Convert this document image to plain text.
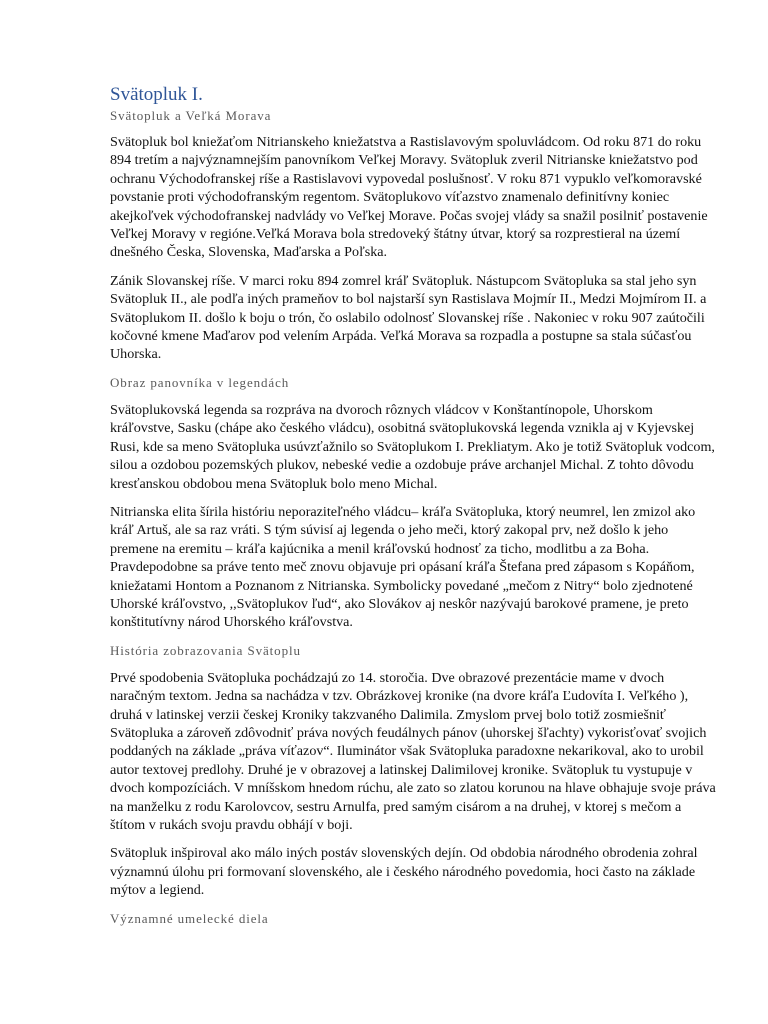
Svätopluk I.
Svätopluk a Veľká Morava

Svätopluk bol kniežaťom Nitrianskeho kniežatstva a Rastislavovým spoluvládcom. Od roku 871 do roku 894 tretím a najvýznamnejším panovníkom Veľkej Moravy. Svätopluk zveril Nitrianske kniežatstvo pod ochranu Východofranskej ríše a Rastislavovi vypovedal poslušnosť. V roku 871 vypuklo veľkomoravské povstanie proti východofranským regentom. Svätoplukovo víťazstvo znamenalo definitívny koniec akejkoľvek východofranskej nadvlády vo Veľkej Morave. Počas svojej vlády sa snažil posilniť postavenie Veľkej Moravy v regióne.Veľká Morava bola stredoveký štátny útvar, ktorý sa rozprestieral na území dnešného Česka, Slovenska, Maďarska a Poľska.

Zánik Slovanskej ríše. V marci roku 894 zomrel kráľ Svätopluk. Nástupcom Svätopluka sa stal jeho syn Svätopluk II., ale podľa iných prameňov to bol najstarší syn Rastislava Mojmír II., Medzi Mojmírom II. a Svätoplukom II. došlo k boju o trón, čo oslabilo odolnosť Slovanskej ríše . Nakoniec v roku 907 zaútočili kočovné kmene Maďarov pod velením Arpáda. Veľká Morava sa rozpadla a postupne sa stala súčasťou Uhorska.

Obraz panovníka v legendách

Svätoplukovská legenda sa rozpráva na dvoroch rôznych vládcov v Konštantínopole, Uhorskom kráľovstve, Sasku (chápe ako českého vládcu), osobitná svätoplukovská legenda vznikla aj v Kyjevskej Rusi, kde sa meno Svätopluka usúvzťažnilo so Svätoplukom I. Prekliatym. Ako je totiž Svätopluk vodcom, silou a ozdobou pozemských plukov, nebeské vedie a ozdobuje práve archanjel Michal. Z tohto dôvodu kresťanskou obdobou mena Svätopluk bolo meno Michal.

Nitrianska elita šírila históriu neporaziteľného vládcu– kráľa Svätopluka, ktorý neumrel, len zmizol ako kráľ Artuš, ale sa raz vráti. S tým súvisí aj legenda o jeho meči, ktorý zakopal prv, než došlo k jeho premene na eremitu – kráľa kajúcnika a menil kráľovskú hodnosť za ticho, modlitbu a za Boha. Pravdepodobne sa práve tento meč znovu objavuje pri opásaní kráľa Štefana pred zápasom s Kopáňom, kniežatami Hontom a Poznanom z Nitrianska. Symbolicky povedané „mečom z Nitry“ bolo zjednotené Uhorské kráľovstvo, ,,Svätoplukov ľud“, ako Slovákov aj neskôr nazývajú barokové pramene, je preto konštitutívny národ Uhorského kráľovstva.

História zobrazovania Svätoplu

Prvé spodobenia Svätopluka pochádzajú zo 14. storočia. Dve obrazové prezentácie mame v dvoch naračným textom. Jedna sa nachádza v tzv. Obrázkovej kronike (na dvore kráľa Ľudovíta I. Veľkého ), druhá v latinskej verzii českej Kroniky takzvaného Dalimila. Zmyslom prvej bolo totiž zosmiešniť Svätopluka a zároveň zdôvodniť práva nových feudálnych pánov (uhorskej šľachty) vykorisťovať svojich poddaných na základe „práva víťazov“. Iluminátor však Svätopluka paradoxne nekarikoval, ako to urobil autor textovej predlohy. Druhé je v obrazovej a latinskej Dalimilovej kronike. Svätopluk tu vystupuje v dvoch kompozíciách. V mníšskom hnedom rúchu, ale zato so zlatou korunou na hlave obhajuje svoje práva na manželku z rodu Karolovcov, sestru Arnulfa, pred samým cisárom a na druhej, v ktorej s mečom a štítom v rukách svoju pravdu obhájí v boji.

Svätopluk inšpiroval ako málo iných postáv slovenských dejín. Od obdobia národného obrodenia zohral významnú úlohu pri formovaní slovenského, ale i českého národného povedomia, hoci často na základe mýtov a legiend.

Významné umelecké diela
